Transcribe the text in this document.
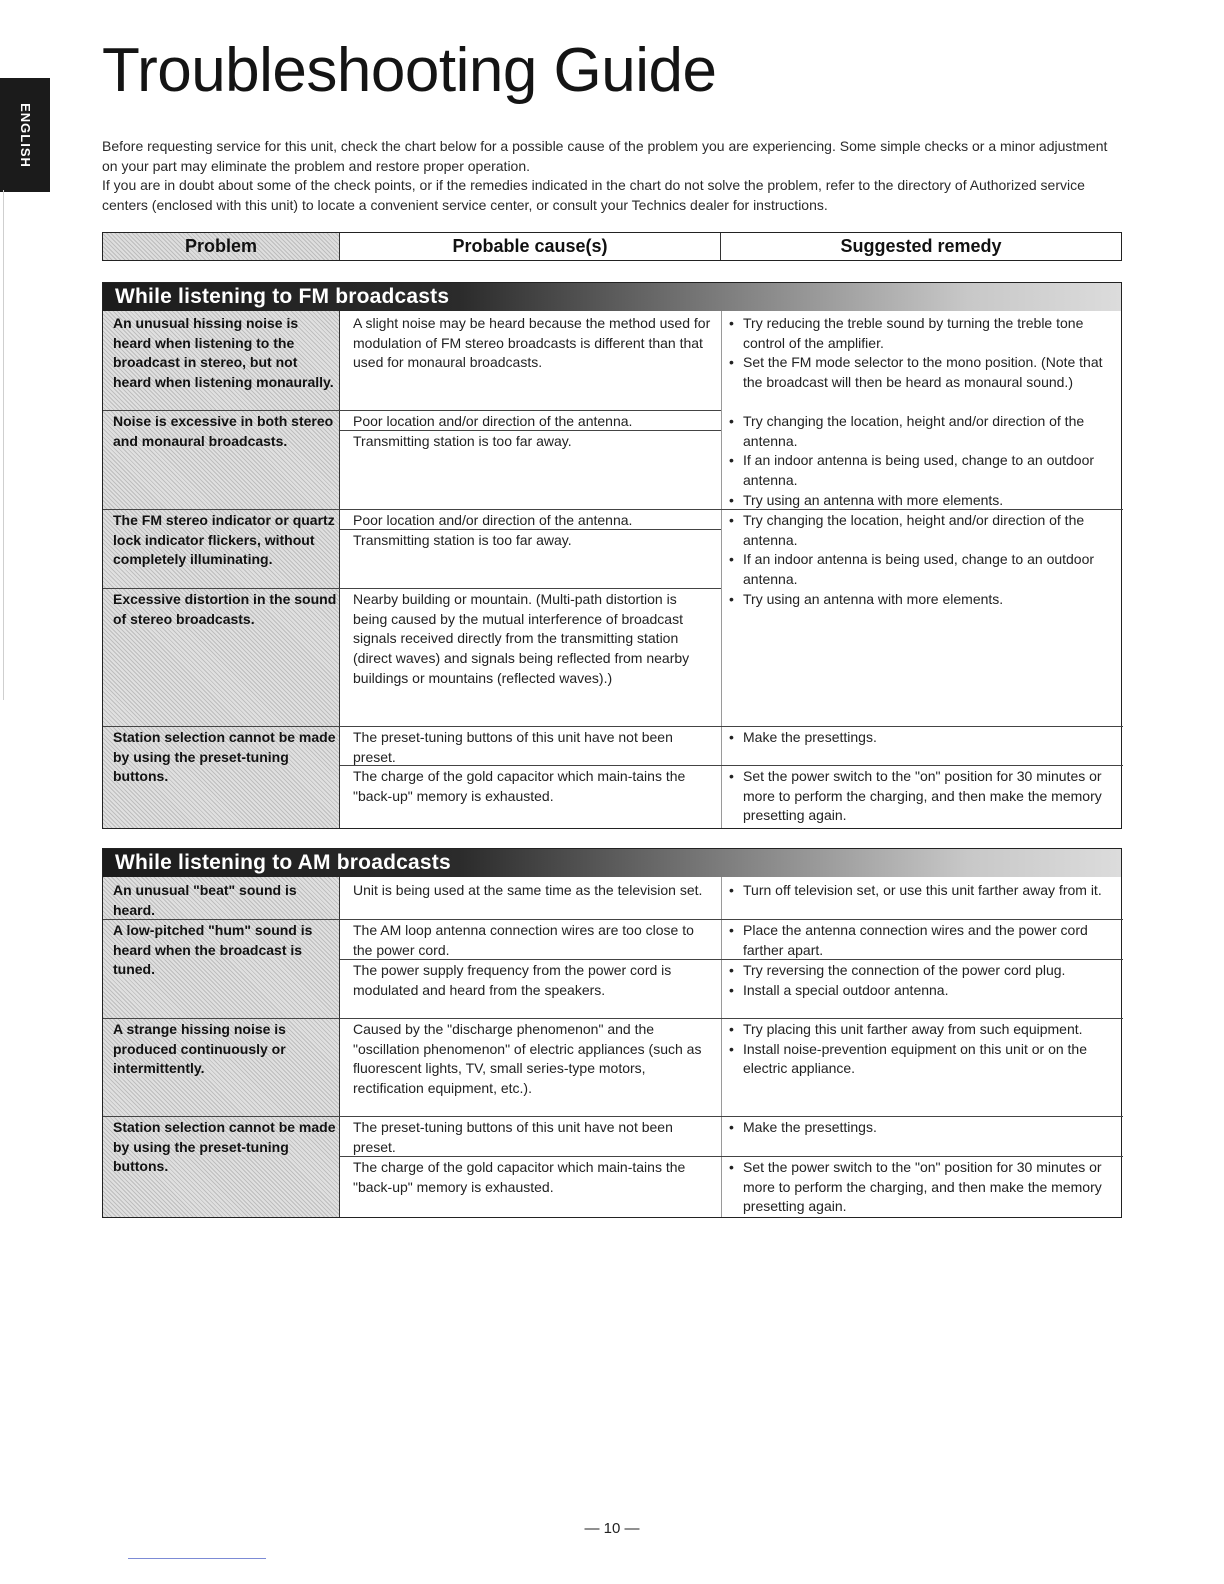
ENGLISH
Troubleshooting Guide

Before requesting service for this unit, check the chart below for a possible cause of the problem you are experiencing. Some simple checks or a minor adjustment on your part may eliminate the problem and restore proper operation.

If you are in doubt about some of the check points, or if the remedies indicated in the chart do not solve the problem, refer to the directory of Authorized service centers (enclosed with this unit) to locate a convenient service center, or consult your Technics dealer for instructions.

Problem	Probable cause(s)	Suggested remedy
While listening to FM broadcasts
An unusual hissing noise is heard when listening to the broadcast in stereo, but not heard when listening monaurally.
A slight noise may be heard because the method used for modulation of FM stereo broadcasts is different than that used for monaural broadcasts.

• Try reducing the treble sound by turning the treble tone control of the amplifier.

• Set the FM mode selector to the mono position. (Note that the broadcast will then be heard as monaural sound.)

Noise is excessive in both stereo and monaural broadcasts.
Poor location and/or direction of the antenna.
Transmitting station is too far away.

• Try changing the location, height and/or direction of the antenna.

• If an indoor antenna is being used, change to an outdoor antenna.

• Try using an antenna with more elements.

The FM stereo indicator or quartz lock indicator flickers, without completely illuminating.
Poor location and/or direction of the antenna.
Transmitting station is too far away.

• Try changing the location, height and/or direction of the antenna.

• If an indoor antenna is being used, change to an outdoor antenna.

• Try using an antenna with more elements.

Excessive distortion in the sound of stereo broadcasts.
Nearby building or mountain. (Multi-path distortion is being caused by the mutual interference of broadcast signals received directly from the transmitting station (direct waves) and signals being reflected from nearby buildings or mountains (reflected waves).)
Station selection cannot be made by using the preset-tuning buttons.
The preset-tuning buttons of this unit have not been preset.

• Make the presettings.

The charge of the gold capacitor which main-tains the "back-up" memory is exhausted.

• Set the power switch to the "on" position for 30 minutes or more to perform the charging, and then make the memory presetting again.

While listening to AM broadcasts
An unusual "beat" sound is heard.
Unit is being used at the same time as the television set.

•	Turn off television set, or use this unit farther away from it.

A low-pitched "hum" sound is heard when the broadcast is tuned.
The AM loop antenna connection wires are too close to the power cord.

• Place the antenna connection wires and the power cord farther apart.

The power supply frequency from the power cord is modulated and heard from the speakers.

• Try reversing the connection of the power cord plug.

• Install a special outdoor antenna.

A strange hissing noise is produced continuously or intermittently.
Caused by the "discharge phenomenon" and the "oscillation phenomenon" of electric appliances (such as fluorescent lights, TV, small series-type motors, rectification equipment, etc.).

• Try placing this unit farther away from such equipment.

• Install noise-prevention equipment on this unit or on the electric appliance.

Station selection cannot be made by using the preset-tuning buttons.
The preset-tuning buttons of this unit have not been preset.

• Make the presettings.

The charge of the gold capacitor which main-tains the "back-up" memory is exhausted.

• Set the power switch to the "on" position for 30 minutes or more to perform the charging, and then make the memory presetting again.

— 10 —
